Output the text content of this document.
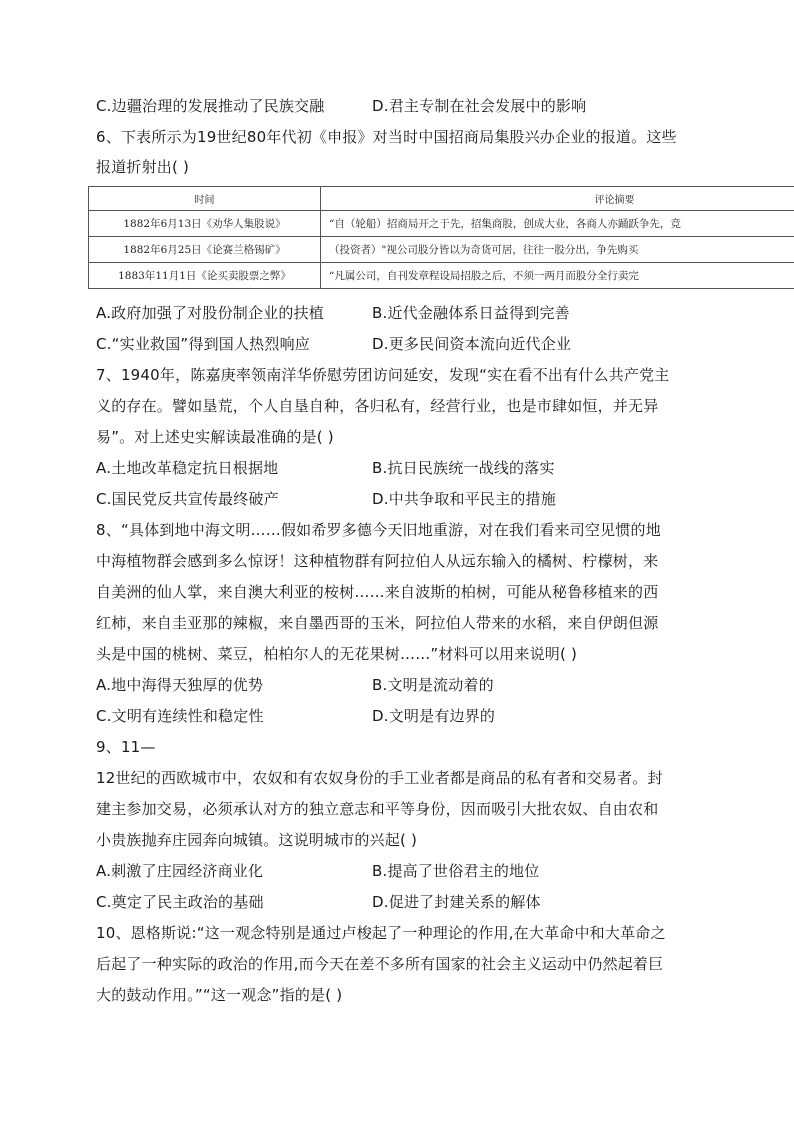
C.边疆治理的发展推动了民族交融	D.君主专制在社会发展中的影响
6、下表所示为19世纪80年代初《申报》对当时中国招商局集股兴办企业的报道。这些
报道折射出( )
时间	评论摘要
1882年6月13日《劝华人集股说》	“自（轮船）招商局开之于先，招集商股，创成大业，各商人亦踊跃争先，竞
1882年6月25日《论赛兰格锡矿》	（投资者）"视公司股分皆以为奇货可居，往往一股分出，争先购买
1883年11月1日《论买卖股票之弊》	“凡属公司，自刊发章程设局招股之后，不须一两月而股分全行卖完
A.政府加强了对股份制企业的扶植	B.近代金融体系日益得到完善
C.“实业救国”得到国人热烈响应	D.更多民间资本流向近代企业
7、1940年，陈嘉庚率领南洋华侨慰劳团访问延安，发现“实在看不出有什么共产党主
义的存在。譬如垦荒，个人自垦自种，各归私有，经营行业，也是市肆如恒，并无异
易”。对上述史实解读最准确的是( )
A.土地改革稳定抗日根据地	B.抗日民族统一战线的落实
C.国民党反共宣传最终破产	D.中共争取和平民主的措施
8、“具体到地中海文明……假如希罗多德今天旧地重游，对在我们看来司空见惯的地
中海植物群会感到多么惊讶！这种植物群有阿拉伯人从远东输入的橘树、柠檬树，来
自美洲的仙人掌，来自澳大利亚的桉树……来自波斯的柏树，可能从秘鲁移植来的西
红柿，来自圭亚那的辣椒，来自墨西哥的玉米，阿拉伯人带来的水稻，来自伊朗但源
头是中国的桃树、菜豆，柏柏尔人的无花果树……”材料可以用来说明( )
A.地中海得天独厚的优势	B.文明是流动着的
C.文明有连续性和稳定性	D.文明是有边界的
9、11—
12世纪的西欧城市中，农奴和有农奴身份的手工业者都是商品的私有者和交易者。封
建主参加交易，必须承认对方的独立意志和平等身份，因而吸引大批农奴、自由农和
小贵族抛弃庄园奔向城镇。这说明城市的兴起( )
A.刺激了庄园经济商业化	B.提高了世俗君主的地位
C.奠定了民主政治的基础	D.促进了封建关系的解体
10、恩格斯说:“这一观念特别是通过卢梭起了一种理论的作用,在大革命中和大革命之
后起了一种实际的政治的作用,而今天在差不多所有国家的社会主义运动中仍然起着巨
大的鼓动作用。”“这一观念”指的是( )
